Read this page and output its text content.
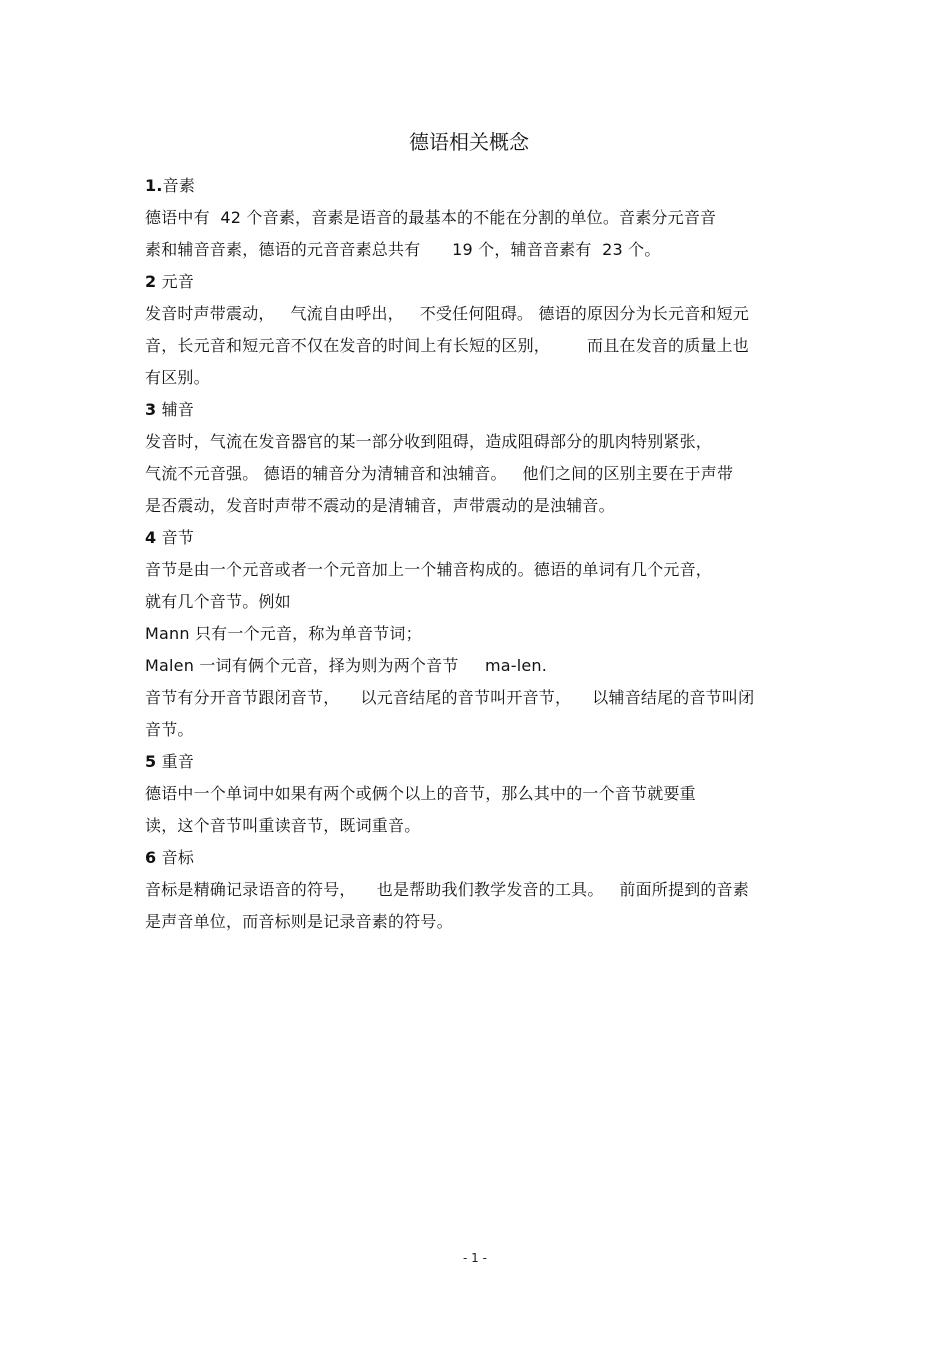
德语相关概念
1.音素
德语中有  42 个音素，音素是语音的最基本的不能在分割的单位。音素分元音音
素和辅音音素，德语的元音音素总共有      19 个，辅音音素有  23 个。
2 元音
发音时声带震动，   气流自由呼出，   不受任何阻碍。 德语的原因分为长元音和短元
音，长元音和短元音不仅在发音的时间上有长短的区别，       而且在发音的质量上也
有区别。
3 辅音
发音时，气流在发音器官的某一部分收到阻碍，造成阻碍部分的肌肉特别紧张，
气流不元音强。 德语的辅音分为清辅音和浊辅音。   他们之间的区别主要在于声带
是否震动，发音时声带不震动的是清辅音，声带震动的是浊辅音。
4 音节
音节是由一个元音或者一个元音加上一个辅音构成的。德语的单词有几个元音，
就有几个音节。例如
Mann 只有一个元音，称为单音节词；
Malen 一词有俩个元音，择为则为两个音节     ma-len.
音节有分开音节跟闭音节，    以元音结尾的音节叫开音节，    以辅音结尾的音节叫闭
音节。
5 重音
德语中一个单词中如果有两个或俩个以上的音节，那么其中的一个音节就要重
读，这个音节叫重读音节，既词重音。
6 音标
音标是精确记录语音的符号，    也是帮助我们教学发音的工具。   前面所提到的音素
是声音单位，而音标则是记录音素的符号。
- 1 -
